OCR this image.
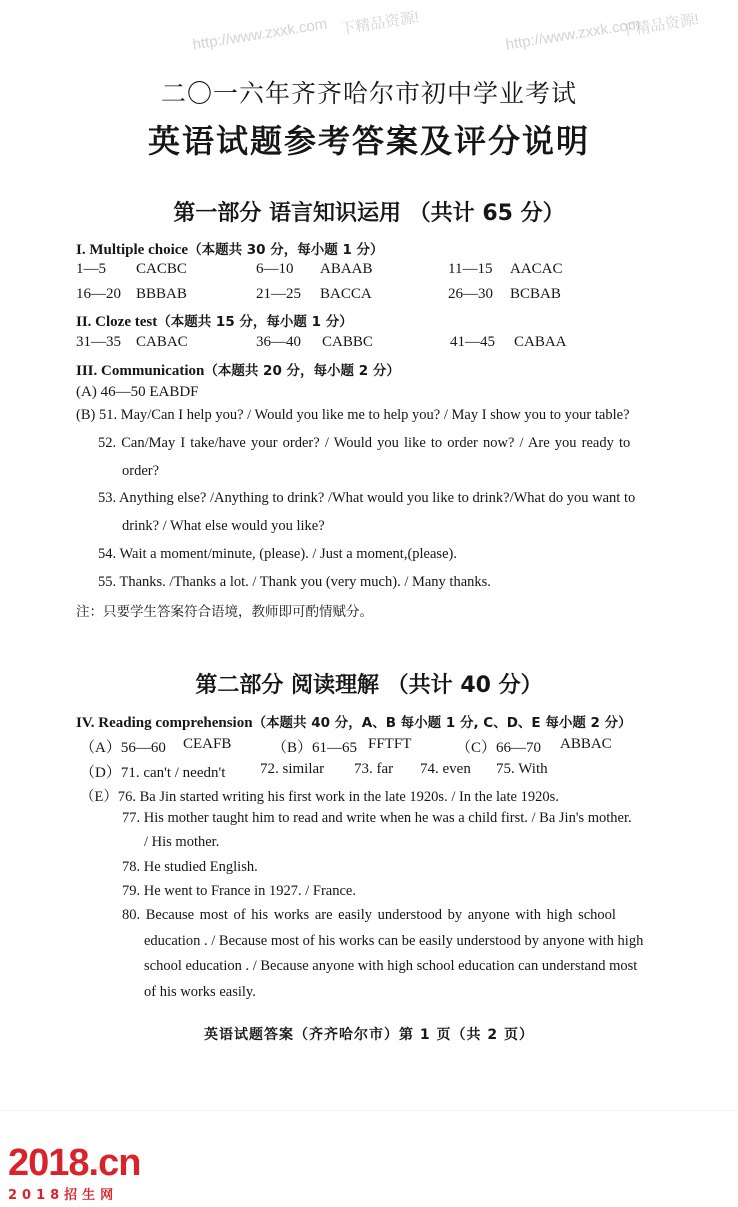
http://www.zxxk.com 下精品资源!	http://www.zxxk.com
下精品资源!
二〇一六年齐齐哈尔市初中学业考试
英语试题参考答案及评分说明
第一部分 语言知识运用 （共计 65 分）
I. Multiple choice（本题共 30 分，每小题 1 分）
1—5 CACBC	6—10 ABAAB	11—15 AACAC
16—20 BBBAB	21—25 BACCA	26—30 BCBAB
II. Cloze test（本题共 15 分，每小题 1 分）
31—35 CABAC	36—40 CABBC	41—45 CABAA
III. Communication（本题共 20 分，每小题 2 分）
(A) 46—50 EABDF
(B) 51. May/Can I help you? / Would you like me to help you? / May I show you to your table?
52. Can/May I take/have your order? / Would you like to order now? / Are you ready to
order?
53. Anything else? /Anything to drink? /What would you like to drink?/What do you want to
drink? / What else would you like?
54. Wait a moment/minute, (please). / Just a moment,(please).
55. Thanks. /Thanks a lot. / Thank you (very much). / Many thanks.
注：只要学生答案符合语境，教师即可酌情赋分。
第二部分 阅读理解 （共计 40 分）
IV. Reading comprehension（本题共 40 分，A、B 每小题 1 分, C、D、E 每小题 2 分）
（A）56—60 CEAFB	（B）61—65 FFTFT	（C）66—70 ABBAC
（D）71. can't / needn't 72. similar 73. far 74. even 75. With
（E）76. Ba Jin started writing his first work in the late 1920s. / In the late 1920s.
77. His mother taught him to read and write when he was a child first. / Ba Jin's mother.
/ His mother.
78. He studied English.
79. He went to France in 1927. / France.
80. Because most of his works are easily understood by anyone with high school
education . / Because most of his works can be easily understood by anyone with high
school education . / Because anyone with high school education can understand most
of his works easily.
英语试题答案（齐齐哈尔市）第 1 页（共 2 页）
2018.cn
2018招生网
